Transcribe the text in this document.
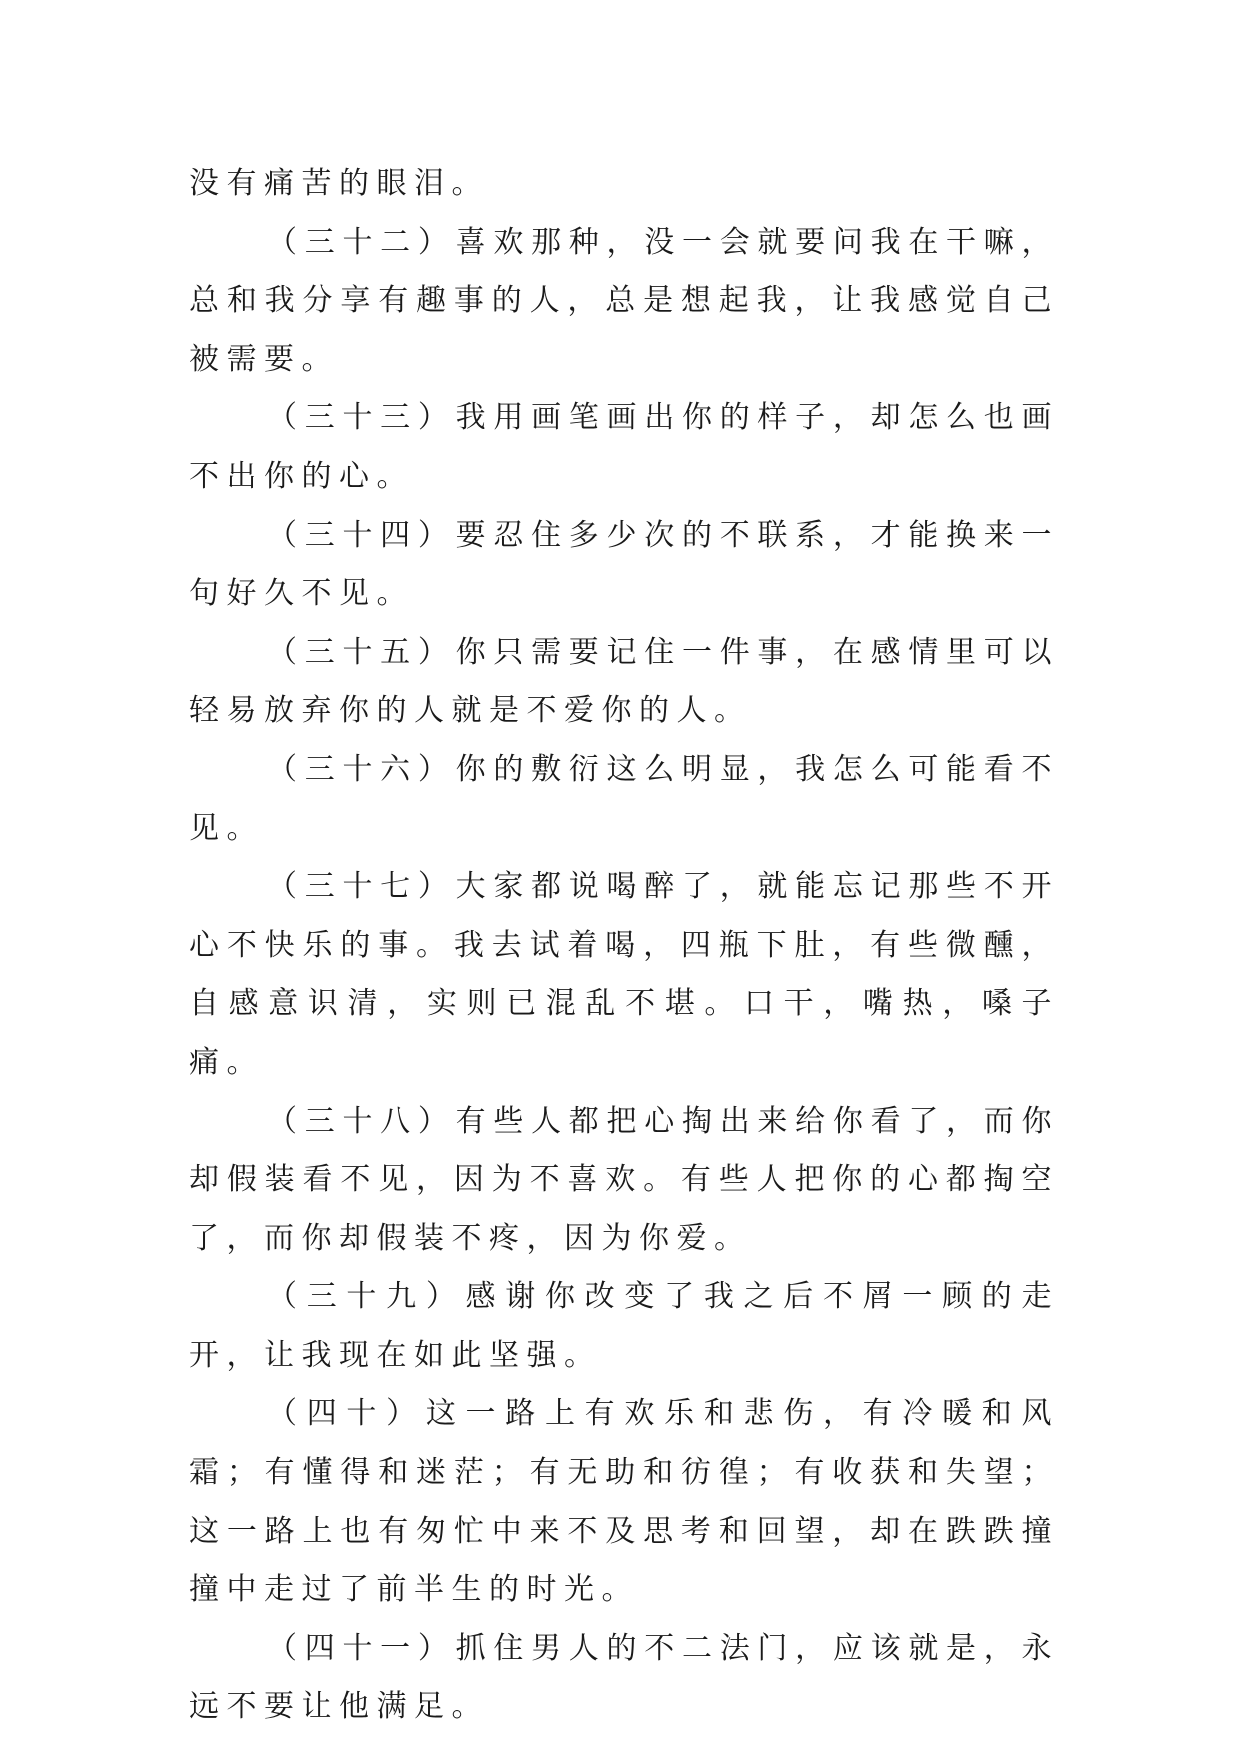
没有痛苦的眼泪。

（三十二）喜欢那种，没一会就要问我在干嘛，总和我分享有趣事的人，总是想起我，让我感觉自己被需要。

（三十三）我用画笔画出你的样子，却怎么也画不出你的心。

（三十四）要忍住多少次的不联系，才能换来一句好久不见。

（三十五）你只需要记住一件事，在感情里可以轻易放弃你的人就是不爱你的人。

（三十六）你的敷衍这么明显，我怎么可能看不见。

（三十七）大家都说喝醉了，就能忘记那些不开心不快乐的事。我去试着喝，四瓶下肚，有些微醺，自感意识清，实则已混乱不堪。口干，嘴热，嗓子痛。

（三十八）有些人都把心掏出来给你看了，而你却假装看不见，因为不喜欢。有些人把你的心都掏空了，而你却假装不疼，因为你爱。

（三十九）感谢你改变了我之后不屑一顾的走开，让我现在如此坚强。

（四十）这一路上有欢乐和悲伤，有冷暖和风霜；有懂得和迷茫；有无助和彷徨；有收获和失望；这一路上也有匆忙中来不及思考和回望，却在跌跌撞撞中走过了前半生的时光。

（四十一）抓住男人的不二法门，应该就是，永远不要让他满足。
